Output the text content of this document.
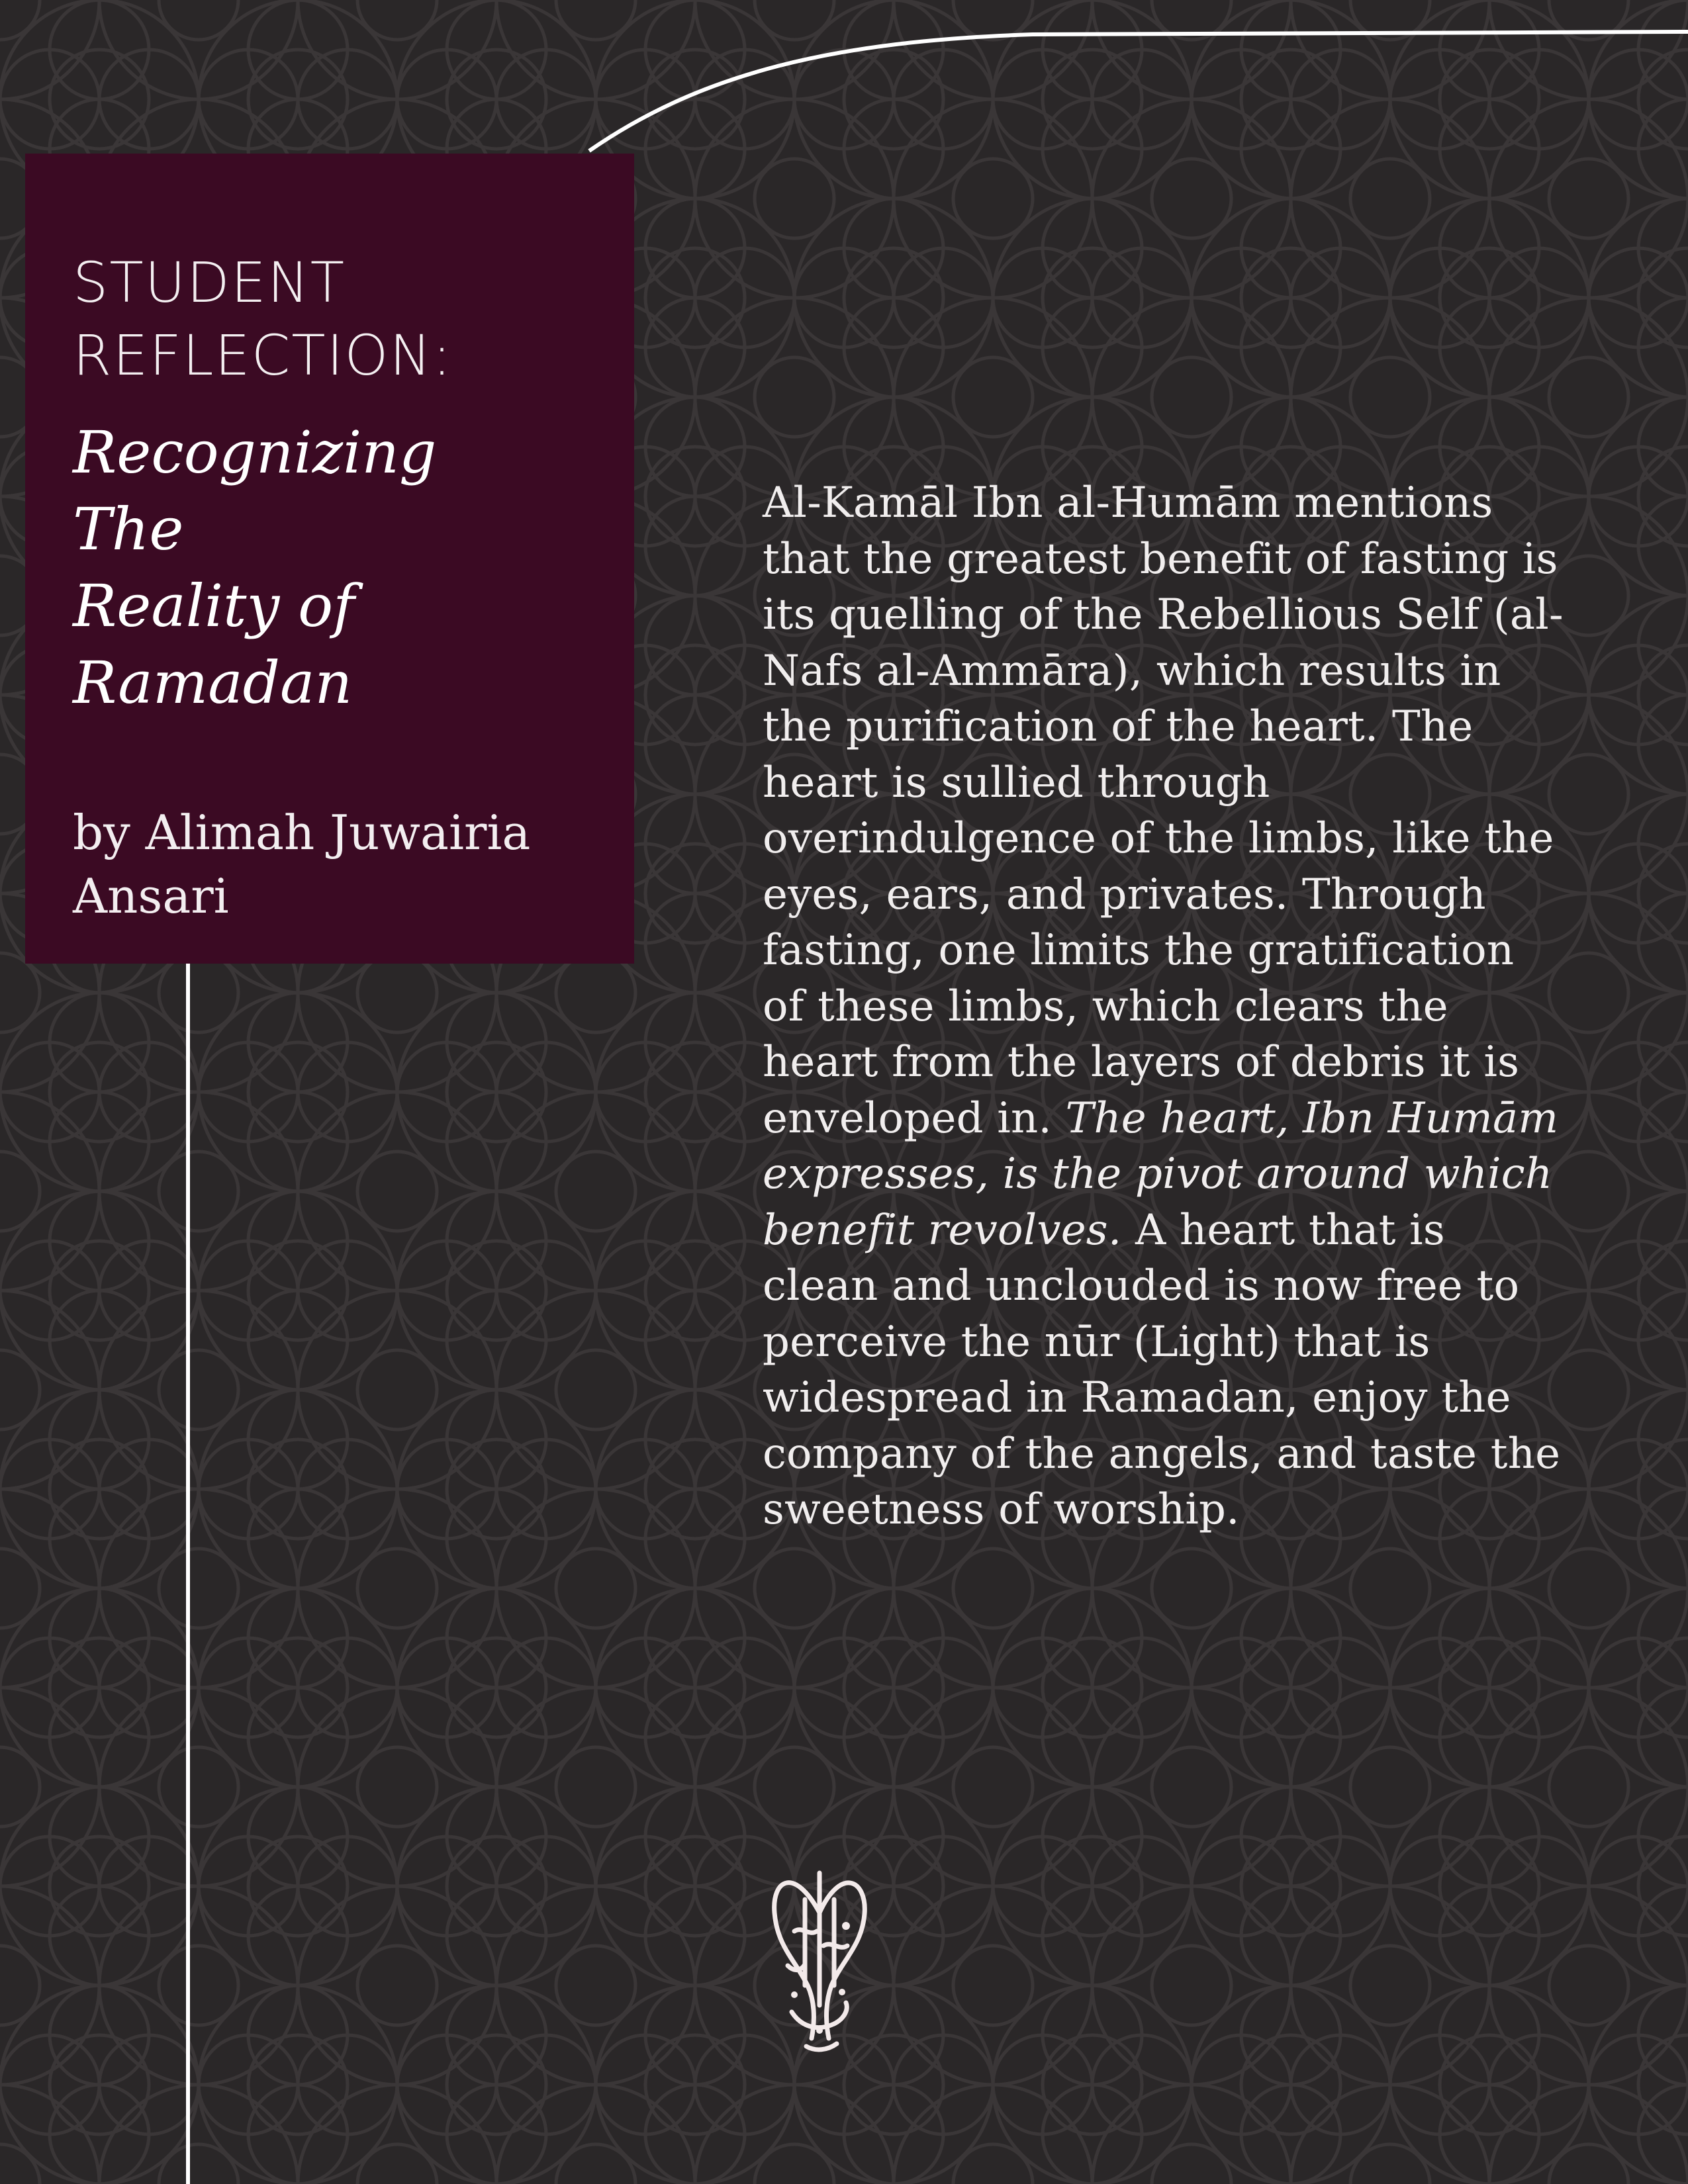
STUDENT
REFLECTION:
Recognizing
The
Reality of
Ramadan
by Alimah Juwairia Ansari
Al-Kamāl Ibn al-Humām mentions that the greatest benefit of fasting is its quelling of the Rebellious Self (al-Nafs al-Ammāra), which results in the purification of the heart. The heart is sullied through overindulgence of the limbs, like the eyes, ears, and privates. Through fasting, one limits the gratification of these limbs, which clears the heart from the layers of debris it is enveloped in. The heart, Ibn Humām expresses, is the pivot around which benefit revolves. A heart that is clean and unclouded is now free to perceive the nūr (Light) that is widespread in Ramadan, enjoy the company of the angels, and taste the sweetness of worship.
